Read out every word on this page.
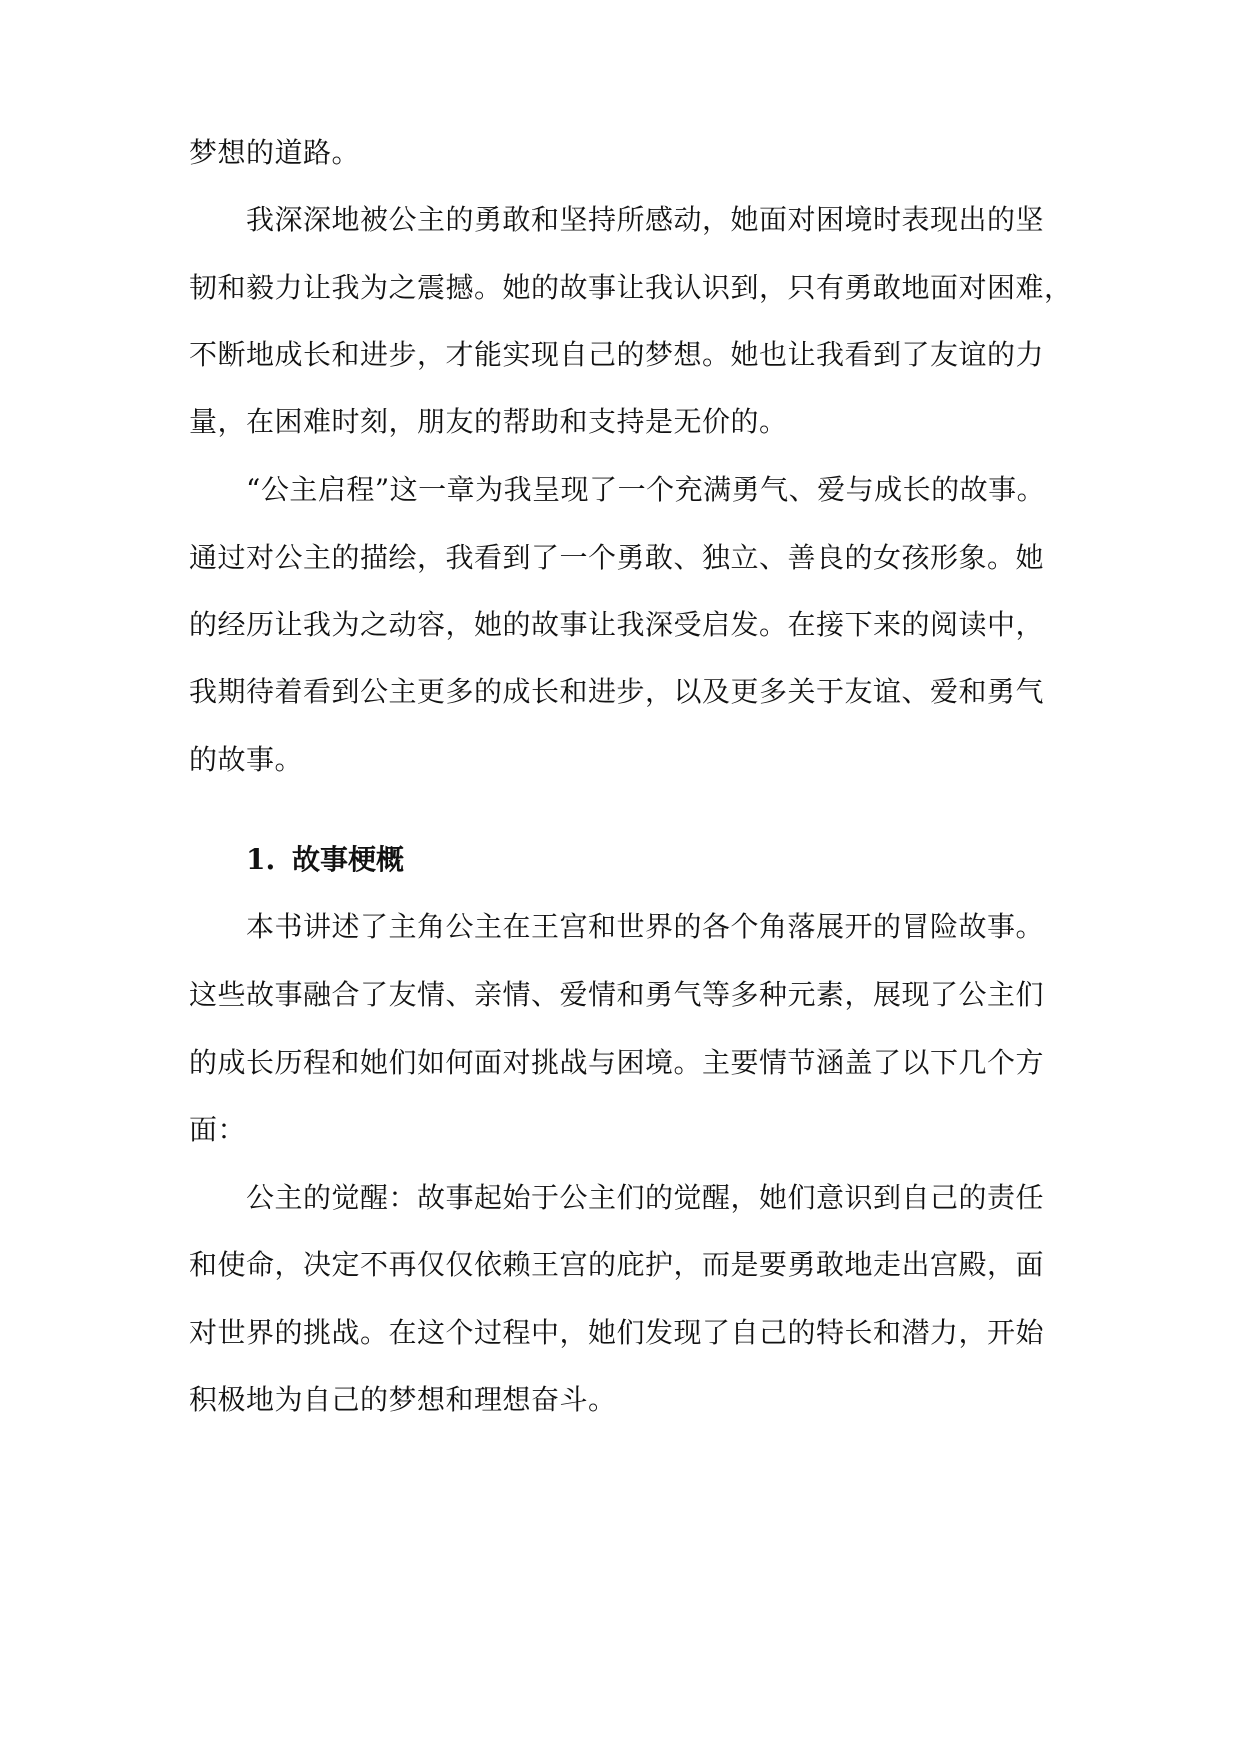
梦想的道路。
我深深地被公主的勇敢和坚持所感动，她面对困境时表现出的坚
韧和毅力让我为之震撼。她的故事让我认识到，只有勇敢地面对困难，
不断地成长和进步，才能实现自己的梦想。她也让我看到了友谊的力
量，在困难时刻，朋友的帮助和支持是无价的。
“公主启程”这一章为我呈现了一个充满勇气、爱与成长的故事。
通过对公主的描绘，我看到了一个勇敢、独立、善良的女孩形象。她
的经历让我为之动容，她的故事让我深受启发。在接下来的阅读中，
我期待着看到公主更多的成长和进步，以及更多关于友谊、爱和勇气
的故事。
1. 故事梗概
本书讲述了主角公主在王宫和世界的各个角落展开的冒险故事。
这些故事融合了友情、亲情、爱情和勇气等多种元素，展现了公主们
的成长历程和她们如何面对挑战与困境。主要情节涵盖了以下几个方
面：
公主的觉醒：故事起始于公主们的觉醒，她们意识到自己的责任
和使命，决定不再仅仅依赖王宫的庇护，而是要勇敢地走出宫殿，面
对世界的挑战。在这个过程中，她们发现了自己的特长和潜力，开始
积极地为自己的梦想和理想奋斗。
